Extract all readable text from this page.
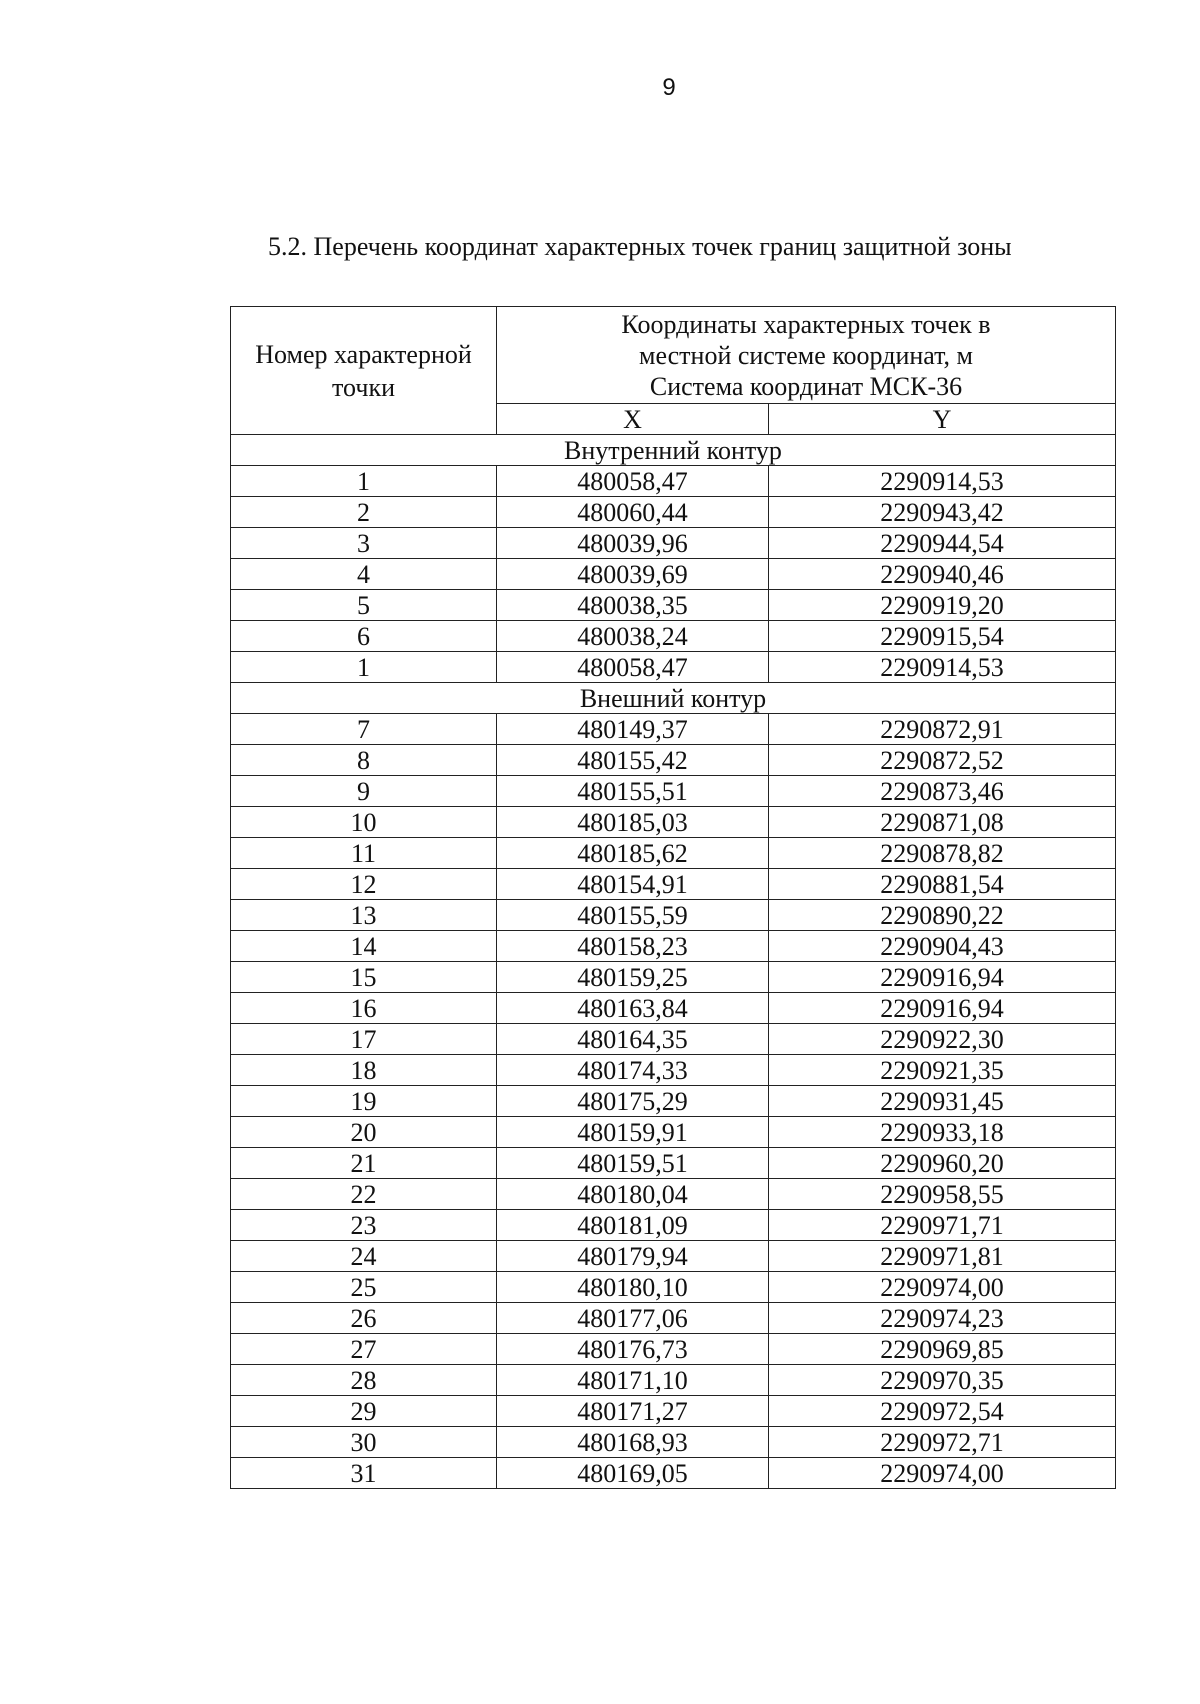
9
5.2. Перечень координат характерных точек границ защитной зоны
Номер характерной точки	Координаты характерных точек в
местной системе координат, м
Система координат МСК-36	

	X	Y
Внутренний контур		
1	480058,47	2290914,53
2	480060,44	2290943,42
3	480039,96	2290944,54
4	480039,69	2290940,46
5	480038,35	2290919,20
6	480038,24	2290915,54
1	480058,47	2290914,53
Внешний контур		
7	480149,37	2290872,91
8	480155,42	2290872,52
9	480155,51	2290873,46
10	480185,03	2290871,08
11	480185,62	2290878,82
12	480154,91	2290881,54
13	480155,59	2290890,22
14	480158,23	2290904,43
15	480159,25	2290916,94
16	480163,84	2290916,94
17	480164,35	2290922,30
18	480174,33	2290921,35
19	480175,29	2290931,45
20	480159,91	2290933,18
21	480159,51	2290960,20
22	480180,04	2290958,55
23	480181,09	2290971,71
24	480179,94	2290971,81
25	480180,10	2290974,00
26	480177,06	2290974,23
27	480176,73	2290969,85
28	480171,10	2290970,35
29	480171,27	2290972,54
30	480168,93	2290972,71
31	480169,05	2290974,00
